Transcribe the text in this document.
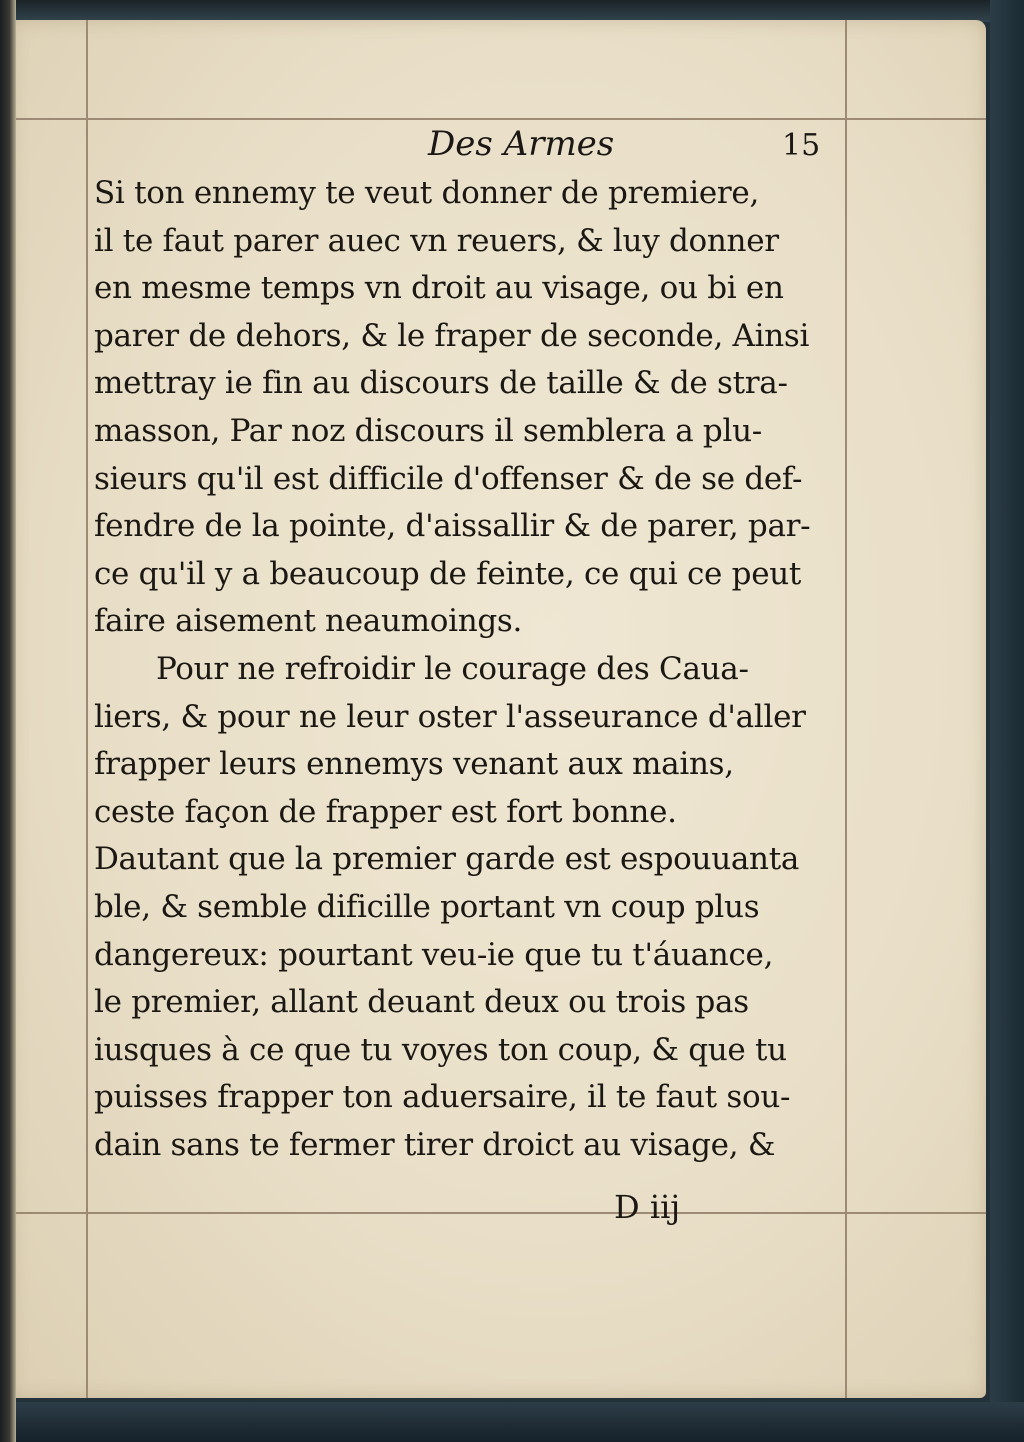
Des Armes	15
Si ton ennemy te veut donner de premiere,
il te faut parer auec vn reuers, & luy donner
en mesme temps vn droit au visage, ou bi en
parer de dehors, & le fraper de seconde, Ainsi
mettray ie fin au discours de taille & de stra-
masson, Par noz discours il semblera a plu-
sieurs qu'il est difficile d'offenser & de se def-
fendre de la pointe, d'aissallir & de parer, par-
ce qu'il y a beaucoup de feinte, ce qui ce peut
faire aisement neaumoings.
Pour ne refroidir le courage des Caua-
liers, & pour ne leur oster l'asseurance d'aller
frapper leurs ennemys venant aux mains,
ceste façon de frapper est fort bonne.
Dautant que la premier garde est espouuanta
ble, & semble dificille portant vn coup plus
dangereux: pourtant veu-ie que tu t'áuance,
le premier, allant deuant deux ou trois pas
iusques à ce que tu voyes ton coup, & que tu
puisses frapper ton aduersaire, il te faut sou-
dain sans te fermer tirer droict au visage, &
D iij
